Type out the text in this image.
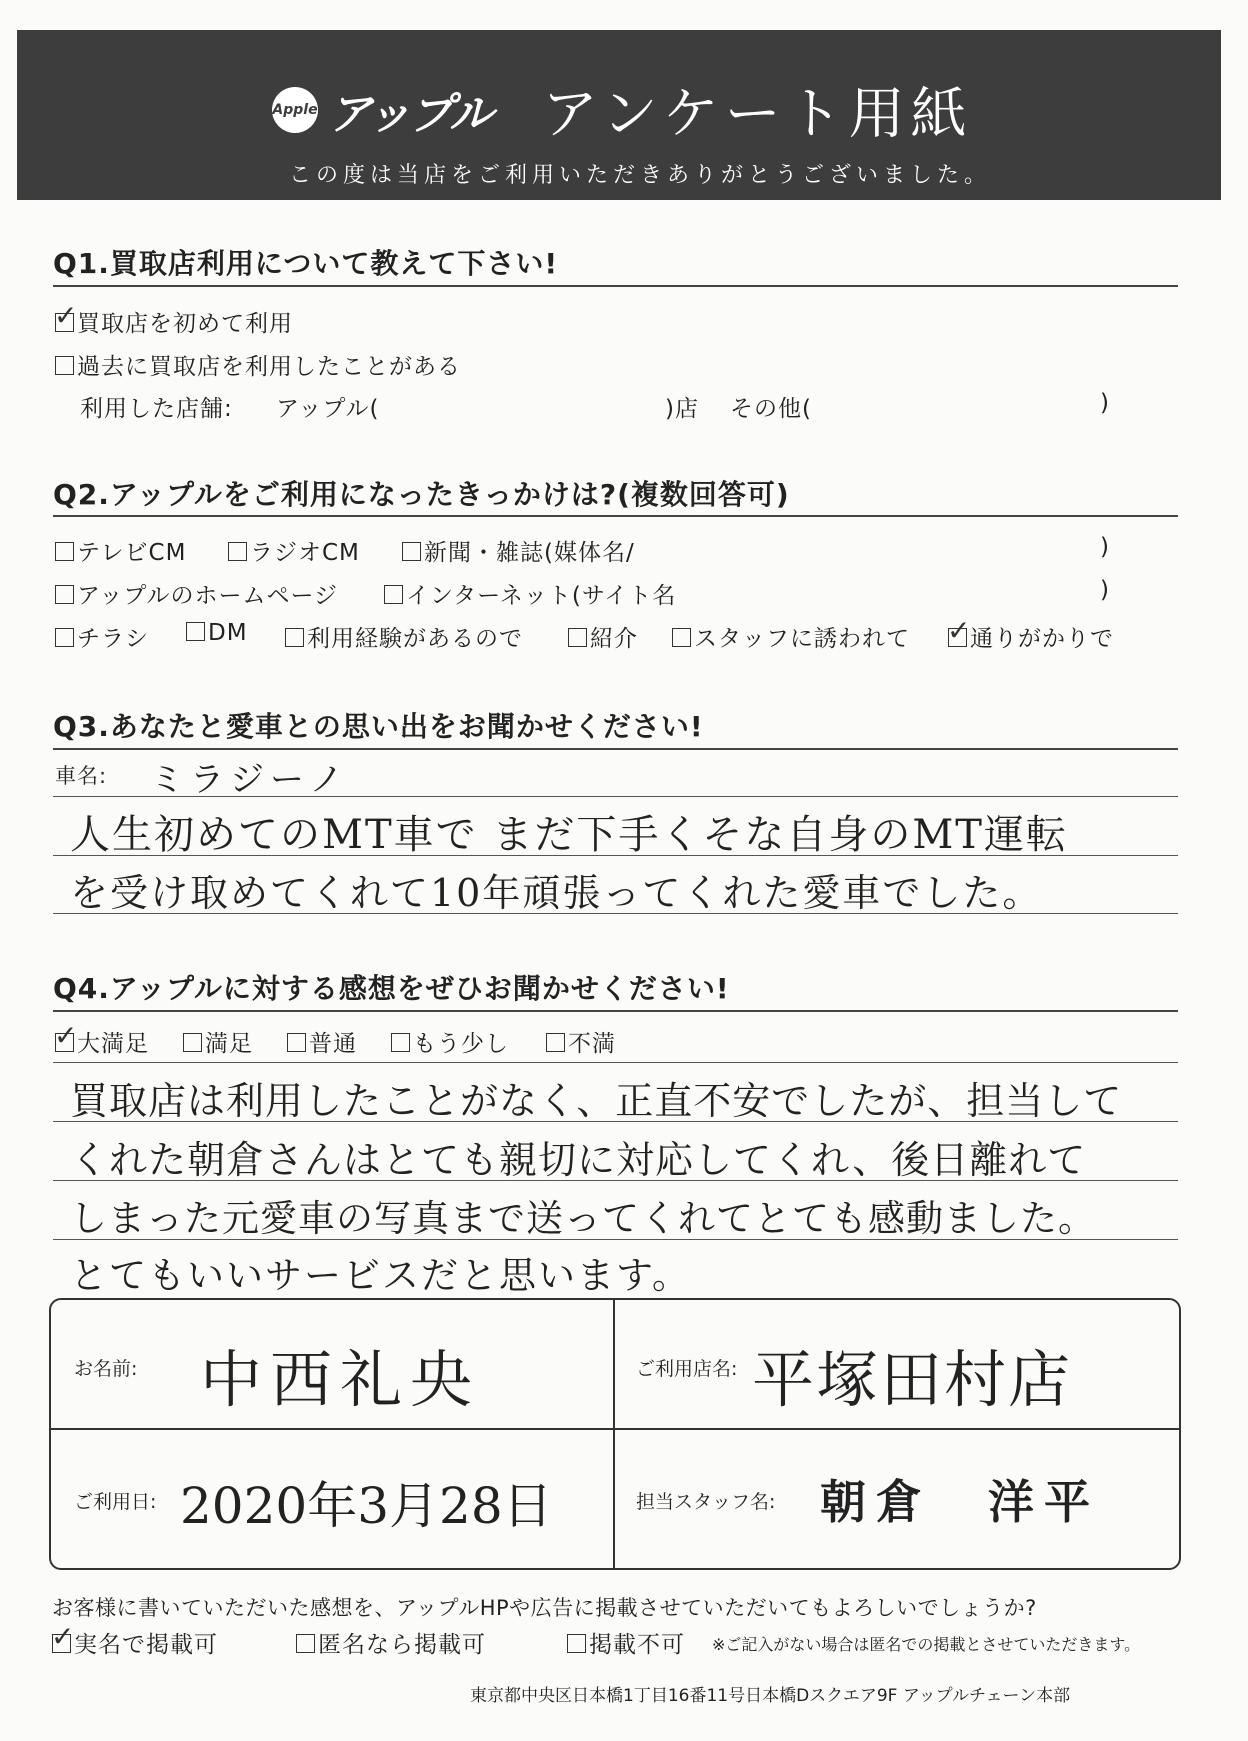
Apple アップル アンケート用紙
この度は当店をご利用いただきありがとうございました。
Q1.買取店利用について教えて下さい!
✓
買取店を初めて利用
過去に買取店を利用したことがある
利用した店舗: アップル(	)店 その他(	)
Q2.アップルをご利用になったきっかけは?(複数回答可)
テレビCM	ラジオCM	新聞・雑誌(媒体名/	)
アップルのホームページ	インターネット(サイト名	)
チラシ	DM	利用経験があるので	紹介	スタッフに誘われて ✓
通りがかりで
Q3.あなたと愛車との思い出をお聞かせください!
車名: ミラジーノ
人生初めてのMT車で まだ下手くそな自身のMT運転
を受け取めてくれて10年頑張ってくれた愛車でした。
Q4.アップルに対する感想をぜひお聞かせください!
✓
大満足	満足	普通	もう少し	不満
買取店は利用したことがなく、正直不安でしたが、担当して
くれた朝倉さんはとても親切に対応してくれ、後日離れて
しまった元愛車の写真まで送ってくれてとても感動ました。
とてもいいサービスだと思います。
お名前: 中西礼央	ご利用店名: 平塚田村店
ご利用日: 2020年3月28日	担当スタッフ名: 朝倉　洋平
お客様に書いていただいた感想を、アップルHPや広告に掲載させていただいてもよろしいでしょうか?
✓
実名で掲載可	匿名なら掲載可	掲載不可 ※ご記入がない場合は匿名での掲載とさせていただきます。
東京都中央区日本橋1丁目16番11号日本橋Dスクエア9F アップルチェーン本部
